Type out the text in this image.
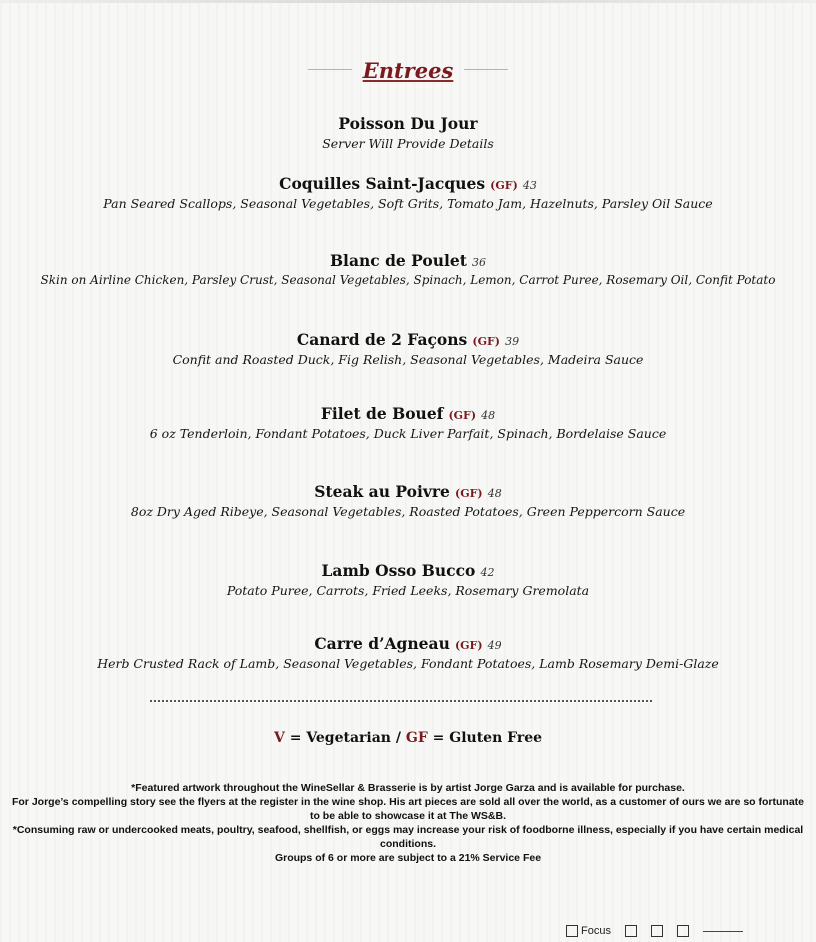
Entrees
Poisson Du Jour
Server Will Provide Details
Coquilles Saint-Jacques (GF) 43
Pan Seared Scallops, Seasonal Vegetables, Soft Grits, Tomato Jam, Hazelnuts, Parsley Oil Sauce
Blanc de Poulet 36
Skin on Airline Chicken, Parsley Crust, Seasonal Vegetables, Spinach, Lemon, Carrot Puree, Rosemary Oil, Confit Potato
Canard de 2 Façons (GF) 39
Confit and Roasted Duck, Fig Relish, Seasonal Vegetables, Madeira Sauce
Filet de Bouef (GF) 48
6 oz Tenderloin, Fondant Potatoes, Duck Liver Parfait, Spinach, Bordelaise Sauce
Steak au Poivre (GF) 48
8oz Dry Aged Ribeye, Seasonal Vegetables, Roasted Potatoes, Green Peppercorn Sauce
Lamb Osso Bucco 42
Potato Puree, Carrots, Fried Leeks, Rosemary Gremolata
Carre d’Agneau (GF) 49
Herb Crusted Rack of Lamb, Seasonal Vegetables, Fondant Potatoes, Lamb Rosemary Demi-Glaze
V = Vegetarian / GF = Gluten Free
*Featured artwork throughout the WineSellar & Brasserie is by artist Jorge Garza and is available for purchase.
For Jorge’s compelling story see the flyers at the register in the wine shop. His art pieces are sold all over the world, as a customer of ours we are so fortunate to be able to showcase it at The WS&B.
*Consuming raw or undercooked meats, poultry, seafood, shellfish, or eggs may increase your risk of foodborne illness, especially if you have certain medical conditions.
Groups of 6 or more are subject to a 21% Service Fee
Focus
